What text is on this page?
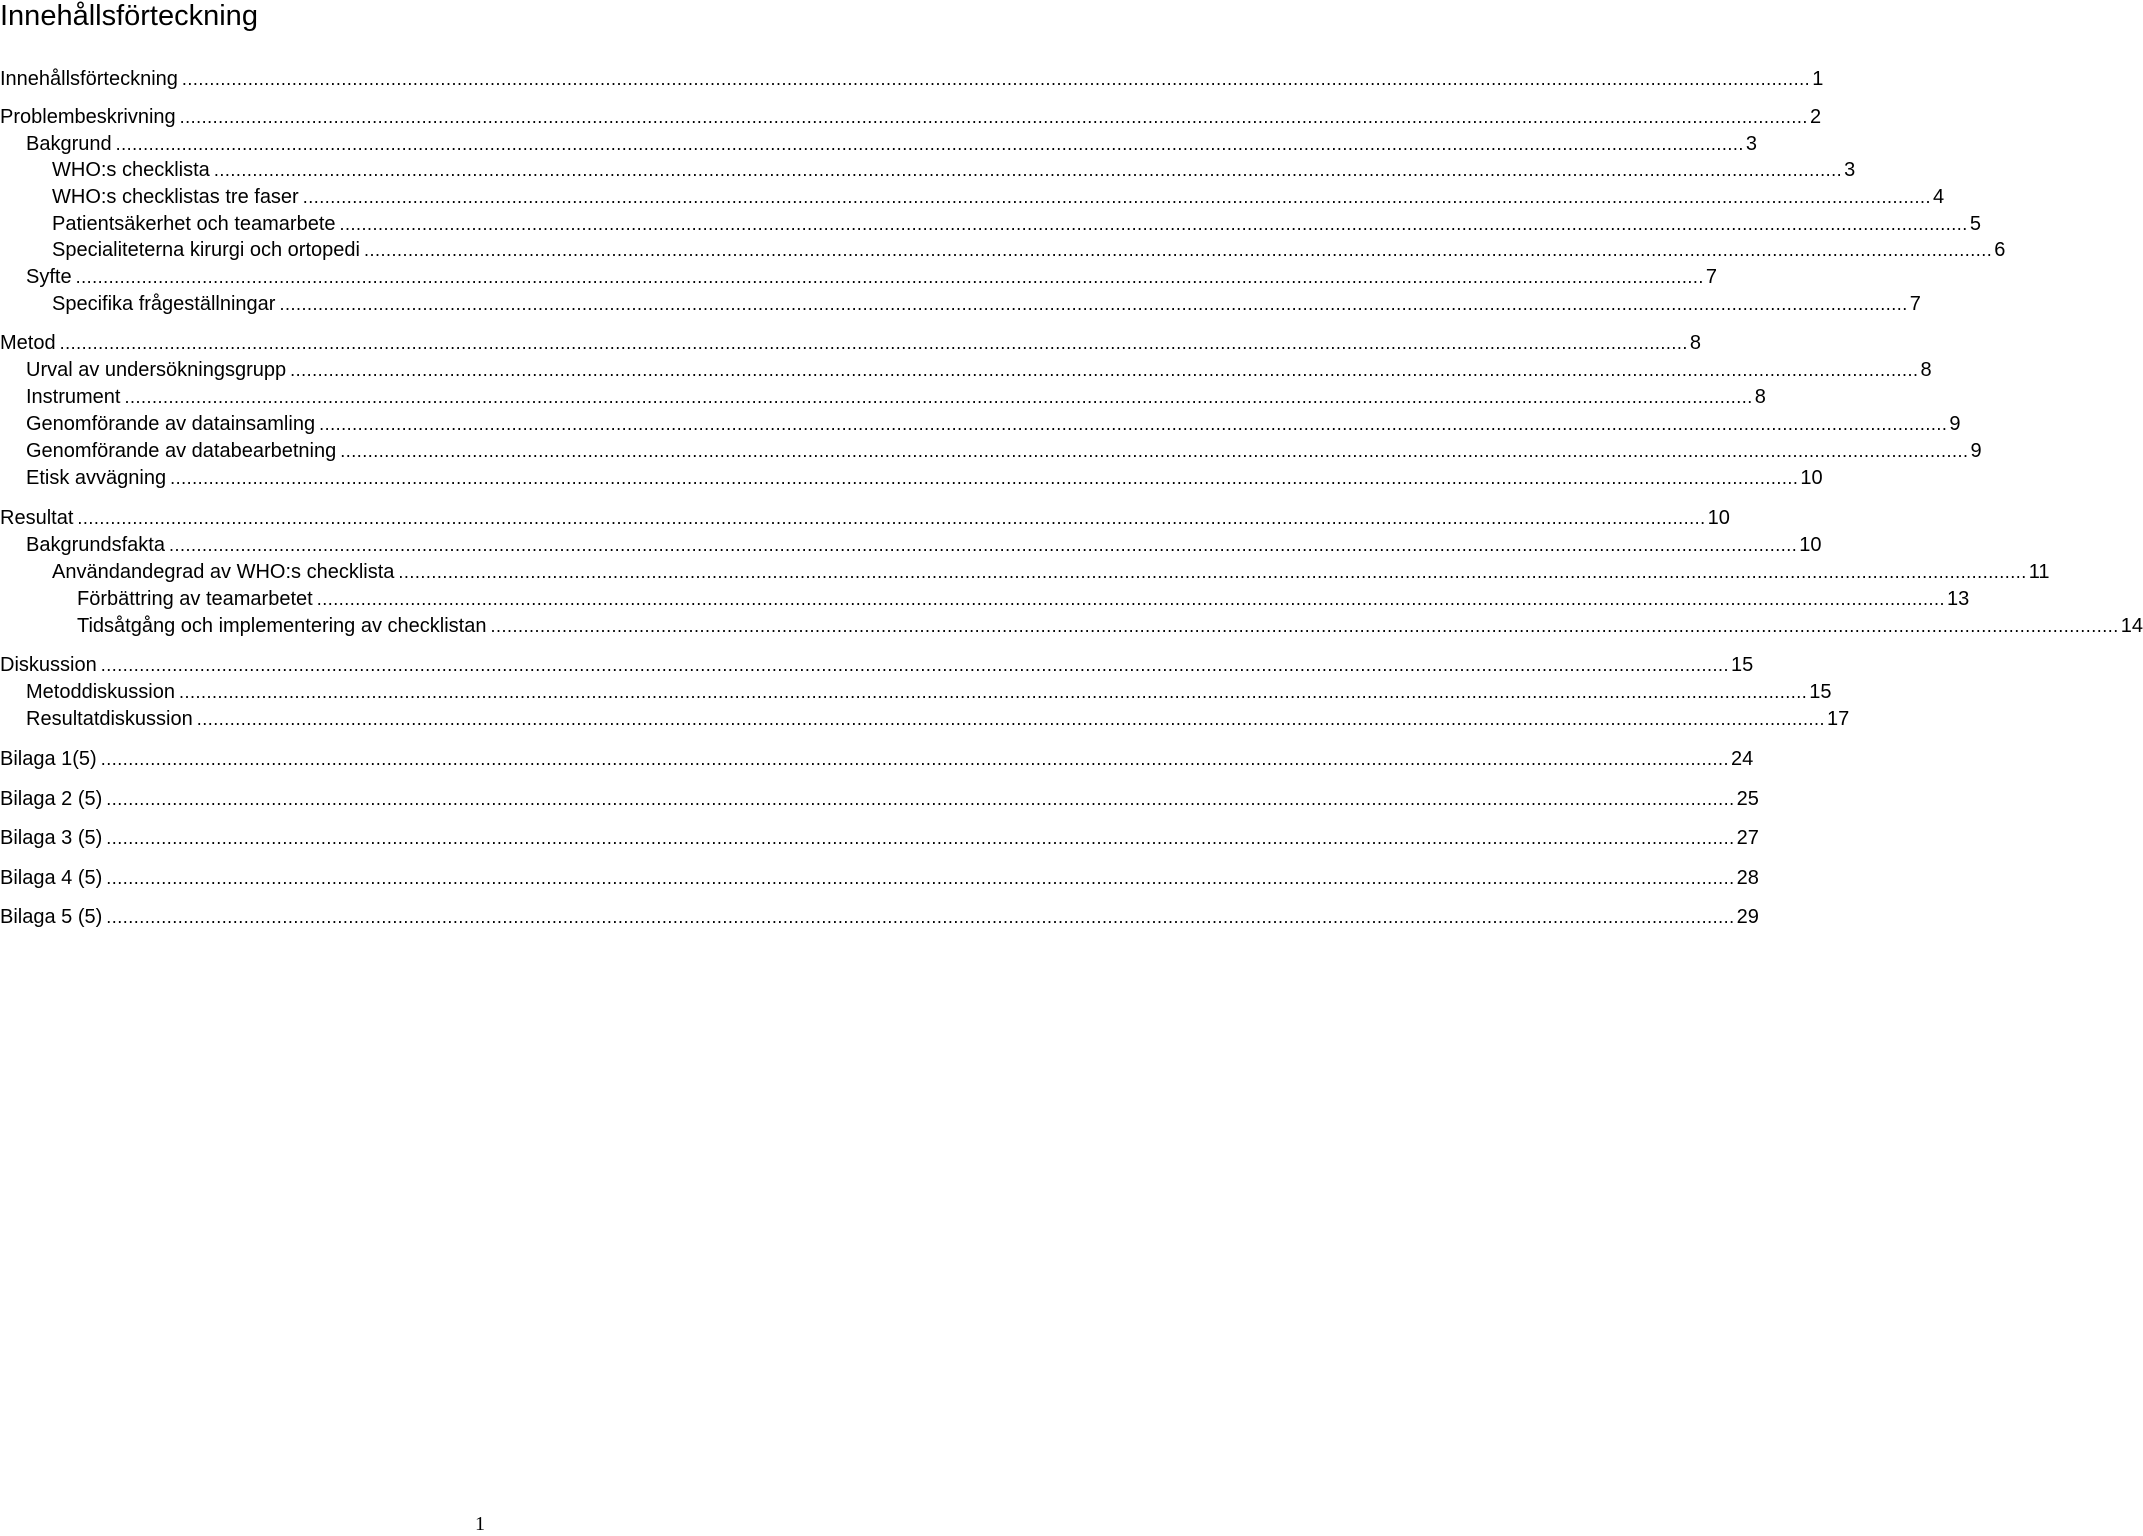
Innehållsförteckning
Innehållsförteckning .....	1
Problembeskrivning .....	2
Bakgrund .....	3
WHO:s checklista .....	3
WHO:s checklistas tre faser .....	4
Patientsäkerhet och teamarbete .....	5
Specialiteterna kirurgi och ortopedi .....	6
Syfte .....	7
Specifika frågeställningar .....	7
Metod .....	8
Urval av undersökningsgrupp .....	8
Instrument .....	8
Genomförande av datainsamling .....	9
Genomförande av databearbetning .....	9
Etisk avvägning .....	10
Resultat .....	10
Bakgrundsfakta .....	10
Användandegrad av WHO:s checklista .....	11
Förbättring av teamarbetet .....	13
Tidsåtgång och implementering av checklistan .....	14
Diskussion .....	15
Metoddiskussion .....	15
Resultatdiskussion .....	17
Bilaga 1(5) .....	24
Bilaga 2 (5) .....	25
Bilaga 3 (5) .....	27
Bilaga 4 (5) .....	28
Bilaga 5 (5) .....	29
1
